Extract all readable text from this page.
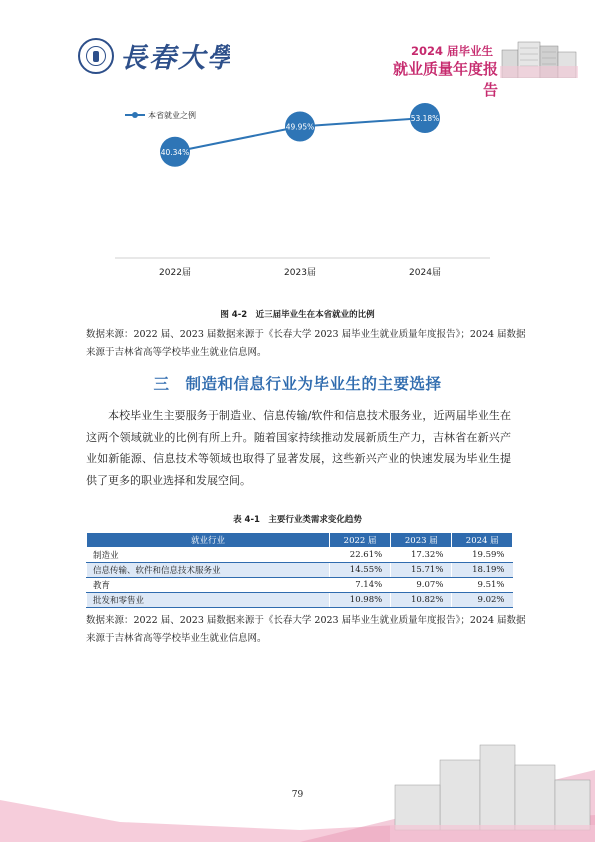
長春大學	2024 届毕业生
就业质量年度报告
本省就业之例
40.34%
2022届
49.95%
2023届
53.18%
2024届
图 4-2　近三届毕业生在本省就业的比例
数据来源：2022 届、2023 届数据来源于《长春大学 2023 届毕业生就业质量年度报告》；2024 届数据来源于吉林省高等学校毕业生就业信息网。
三　制造和信息行业为毕业生的主要选择
本校毕业生主要服务于制造业、信息传输/软件和信息技术服务业，近两届毕业生在这两个领域就业的比例有所上升。随着国家持续推动发展新质生产力，吉林省在新兴产业如新能源、信息技术等领域也取得了显著发展，这些新兴产业的快速发展为毕业生提供了更多的职业选择和发展空间。
表 4-1　主要行业类需求变化趋势
就业行业	2022 届	2023 届	2024 届
制造业	22.61%	17.32%	19.59%
信息传输、软件和信息技术服务业	14.55%	15.71%	18.19%
教育	7.14%	9.07%	9.51%
批发和零售业	10.98%	10.82%	9.02%
数据来源：2022 届、2023 届数据来源于《长春大学 2023 届毕业生就业质量年度报告》；2024 届数据来源于吉林省高等学校毕业生就业信息网。
79
